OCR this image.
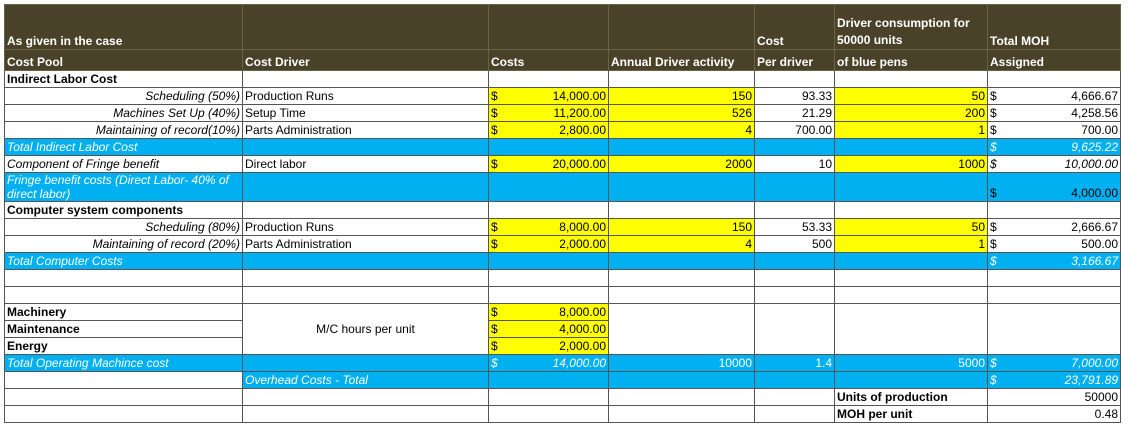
As given in the case				Cost	Driver consumption for 50000 units	Total MOH
Cost Pool	Cost Driver	Costs	Annual Driver activity	Per driver	of blue pens	Assigned
Indirect Labor Cost						
Scheduling (50%)	Production Runs	$ 14,000.00	150	93.33	50	$ 4,666.67

Machines Set Up (40%)	Setup Time	$ 11,200.00	526	21.29	200	$ 4,258.56

Maintaining of record(10%)	Parts Administration	$ 2,800.00	4	700.00	1	$ 700.00

Total Indirect Labor Cost						$ 9,625.22

Component of Fringe benefit	Direct labor	$ 20,000.00	2000	10	1000	$ 10,000.00

Fringe benefit costs (Direct Labor- 40% of direct labor)						$ 4,000.00

Computer system components						
Scheduling (80%)	Production Runs	$ 8,000.00	150	53.33	50	$ 2,666.67

Maintaining of record (20%)	Parts Administration	$ 2,000.00	4	500	1	$ 500.00

Total Computer Costs						$ 3,166.67

Machinery	M/C hours per unit	$ 8,000.00				

Maintenance		$ 4,000.00				

Energy		$ 2,000.00				

Total Operating Machince cost		$ 14,000.00	10000	1.4	5000	$ 7,000.00

	Overhead Costs - Total					$ 23,791.89

					Units of production	50000
					MOH per unit	0.48
